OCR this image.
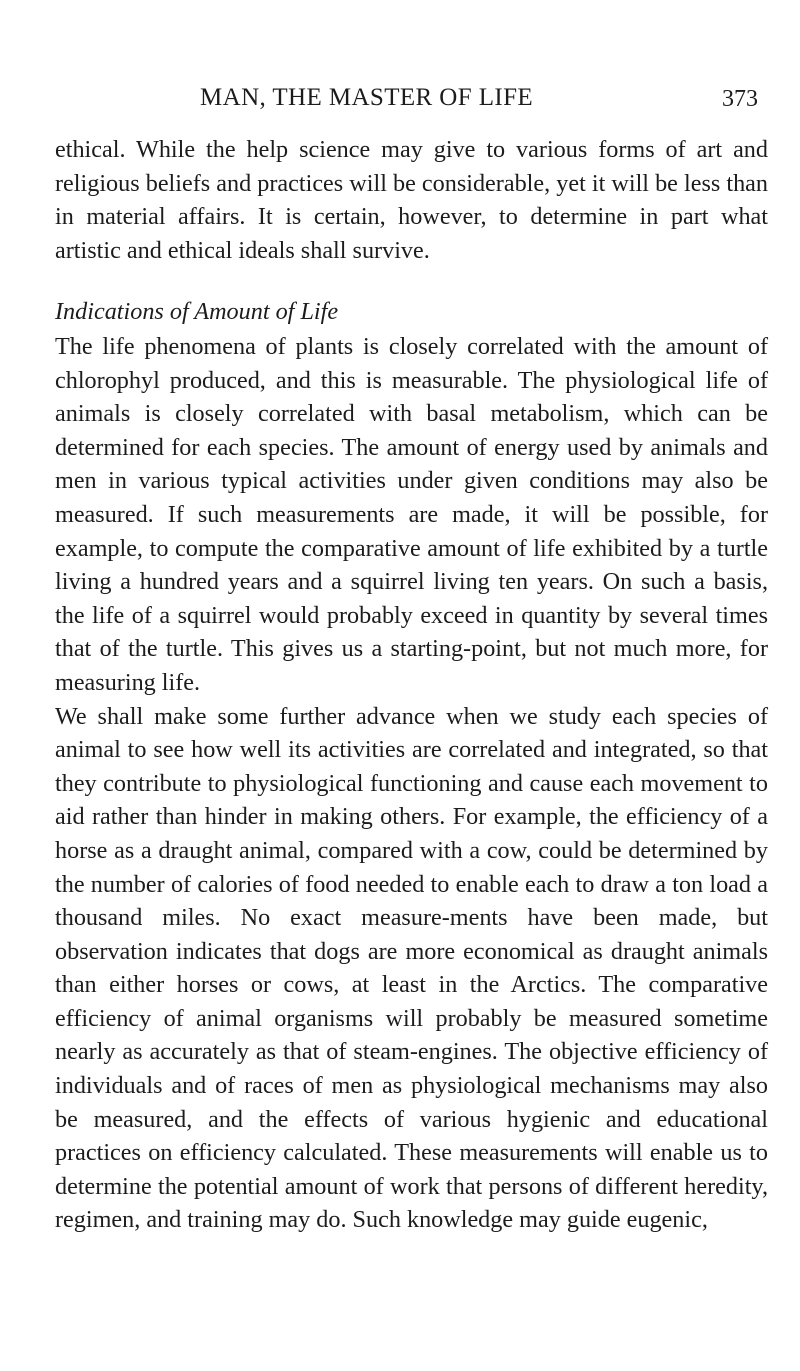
MAN, THE MASTER OF LIFE	373

ethical. While the help science may give to various forms of art and religious beliefs and practices will be considerable, yet it will be less than in material affairs. It is certain, however, to determine in part what artistic and ethical ideals shall survive.

Indications of Amount of Life

The life phenomena of plants is closely correlated with the amount of chlorophyl produced, and this is measurable. The physiological life of animals is closely correlated with basal metabolism, which can be determined for each species. The amount of energy used by animals and men in various typical activities under given conditions may also be measured. If such measurements are made, it will be possible, for example, to compute the comparative amount of life exhibited by a turtle living a hundred years and a squirrel living ten years. On such a basis, the life of a squirrel would probably exceed in quantity by several times that of the turtle. This gives us a starting-point, but not much more, for measuring life.

We shall make some further advance when we study each species of animal to see how well its activities are correlated and integrated, so that they contribute to physiological functioning and cause each movement to aid rather than hinder in making others. For example, the efficiency of a horse as a draught animal, compared with a cow, could be determined by the number of calories of food needed to enable each to draw a ton load a thousand miles. No exact measure-ments have been made, but observation indicates that dogs are more economical as draught animals than either horses or cows, at least in the Arctics. The comparative efficiency of animal organisms will probably be measured sometime nearly as accurately as that of steam-engines. The objective efficiency of individuals and of races of men as physiological mechanisms may also be measured, and the effects of various hygienic and educational practices on efficiency calculated. These measurements will enable us to determine the potential amount of work that persons of different heredity, regimen, and training may do. Such knowledge may guide eugenic,
